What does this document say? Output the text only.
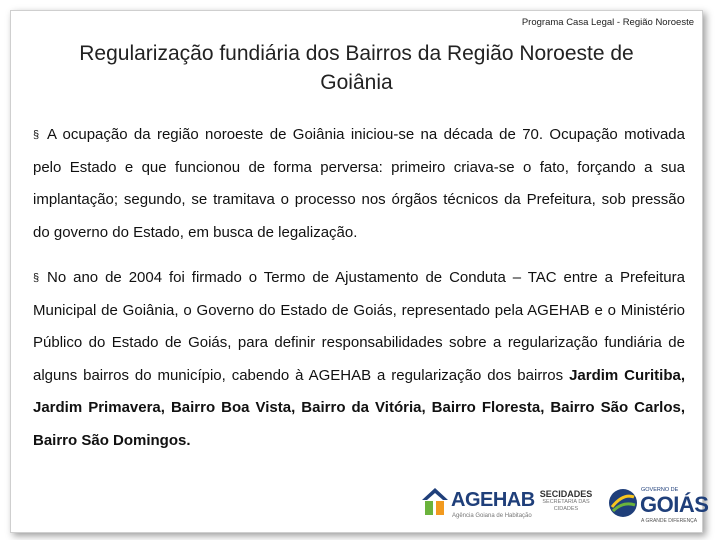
Programa Casa Legal - Região Noroeste
Regularização fundiária dos Bairros da Região Noroeste de Goiânia
§ A ocupação da região noroeste de Goiânia iniciou-se na década de 70. Ocupação motivada pelo Estado e que funcionou de forma perversa: primeiro criava-se o fato, forçando a sua implantação; segundo, se tramitava o processo nos órgãos técnicos da Prefeitura, sob pressão do governo do Estado, em busca de legalização.
§ No ano de 2004 foi firmado o Termo de Ajustamento de Conduta – TAC entre a Prefeitura Municipal de Goiânia, o Governo do Estado de Goiás, representado pela AGEHAB e o Ministério Público do Estado de Goiás, para definir responsabilidades sobre a regularização fundiária de alguns bairros do município, cabendo à AGEHAB a regularização dos bairros Jardim Curitiba, Jardim Primavera, Bairro Boa Vista, Bairro da Vitória, Bairro Floresta, Bairro São Carlos, Bairro São Domingos.
AGEHAB
Agência Goiana de Habitação
SECIDADES
SECRETARIA DAS CIDADES
GOVERNO DE
GOIÁS
A GRANDE DIFERENÇA
